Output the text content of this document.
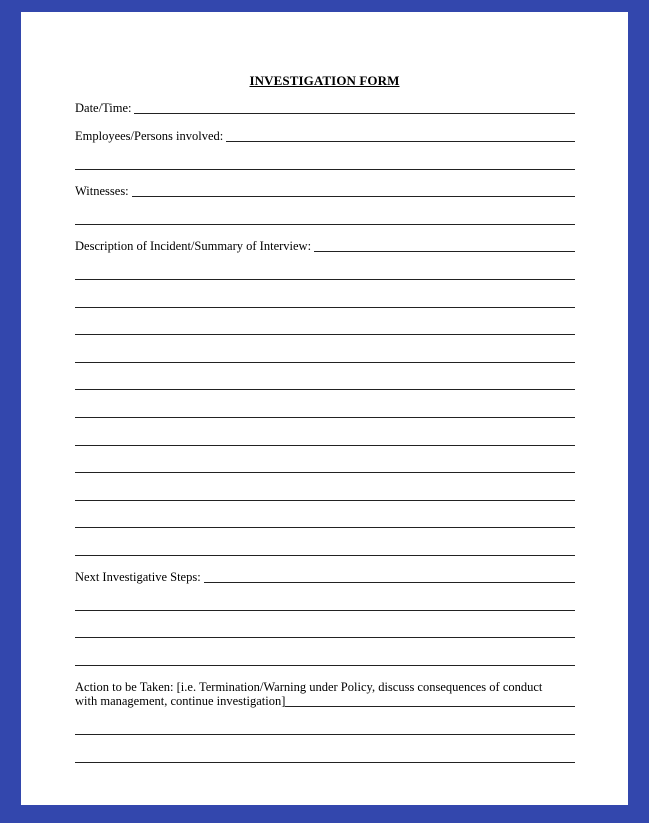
INVESTIGATION FORM
Date/Time:
Employees/Persons involved:
Witnesses:
Description of Incident/Summary of Interview:
Next Investigative Steps:
Action to be Taken: [i.e. Termination/Warning under Policy, discuss consequences of conduct
with management, continue investigation]
